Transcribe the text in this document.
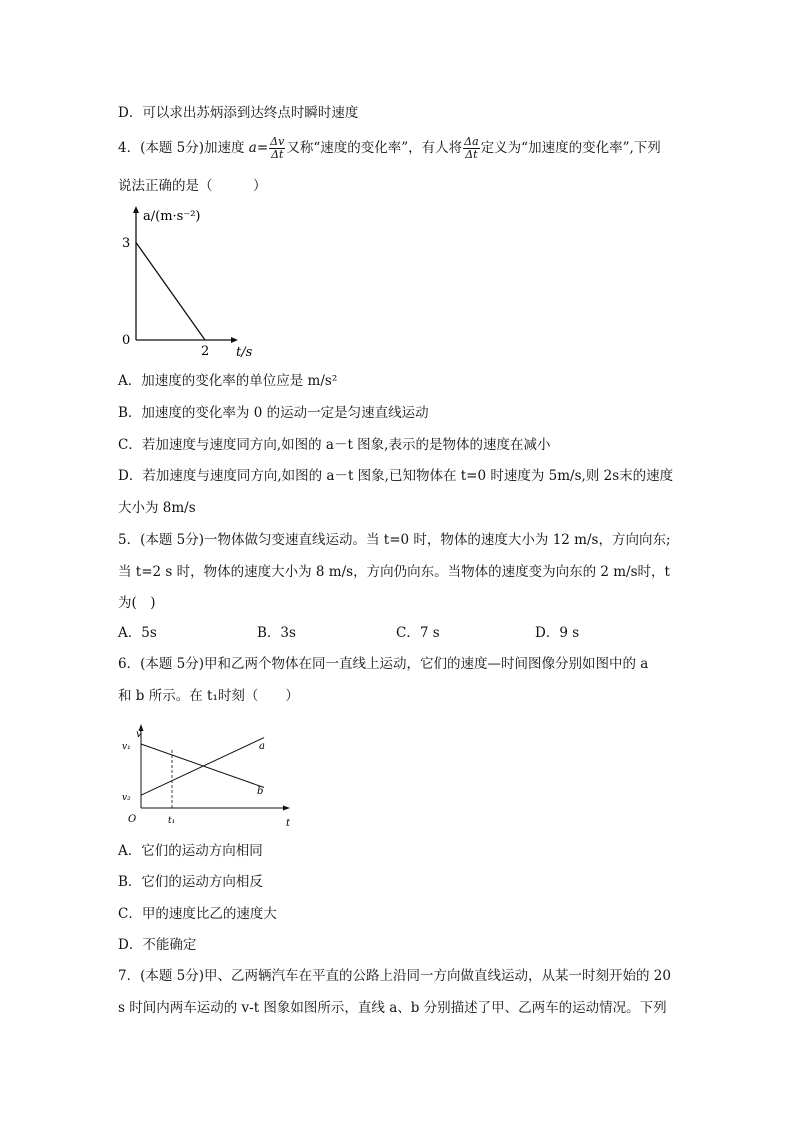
D．可以求出苏炳添到达终点时瞬时速度
4．(本题 5分)加速度 $a= \frac{\Delta v}{\Delta t}$ 又称“速度的变化率”，有人将 $\frac{\Delta a}{\Delta t}$ 定义为“加速度的变化率”,下列
说法正确的是（　　　）
a/(m·s⁻²)
3
0
2 t/s
A．加速度的变化率的单位应是 m/s²
B．加速度的变化率为 0 的运动一定是匀速直线运动
C．若加速度与速度同方向,如图的 a－t 图象,表示的是物体的速度在减小
D．若加速度与速度同方向,如图的 a－t 图象,已知物体在 t=0 时速度为 5m/s,则 2s末的速度
大小为 8m/s
5．(本题 5分)一物体做匀变速直线运动。当 t=0 时，物体的速度大小为 12 m/s，方向向东;
当 t=2 s 时，物体的速度大小为 8 m/s，方向仍向东。当物体的速度变为向东的 2 m/s时，t
为(　)
A．5s	B．3s	C．7 s	D．9 s
6．(本题 5分)甲和乙两个物体在同一直线上运动，它们的速度—时间图像分别如图中的 a
和 b 所示。在 t₁时刻（　　）
v
v₁
v₂
O	t₁	t
a
b
A．它们的运动方向相同
B．它们的运动方向相反
C．甲的速度比乙的速度大
D．不能确定
7．(本题 5分)甲、乙两辆汽车在平直的公路上沿同一方向做直线运动，从某一时刻开始的 20
s 时间内两车运动的 v-t 图象如图所示，直线 a、b 分别描述了甲、乙两车的运动情况。下列
